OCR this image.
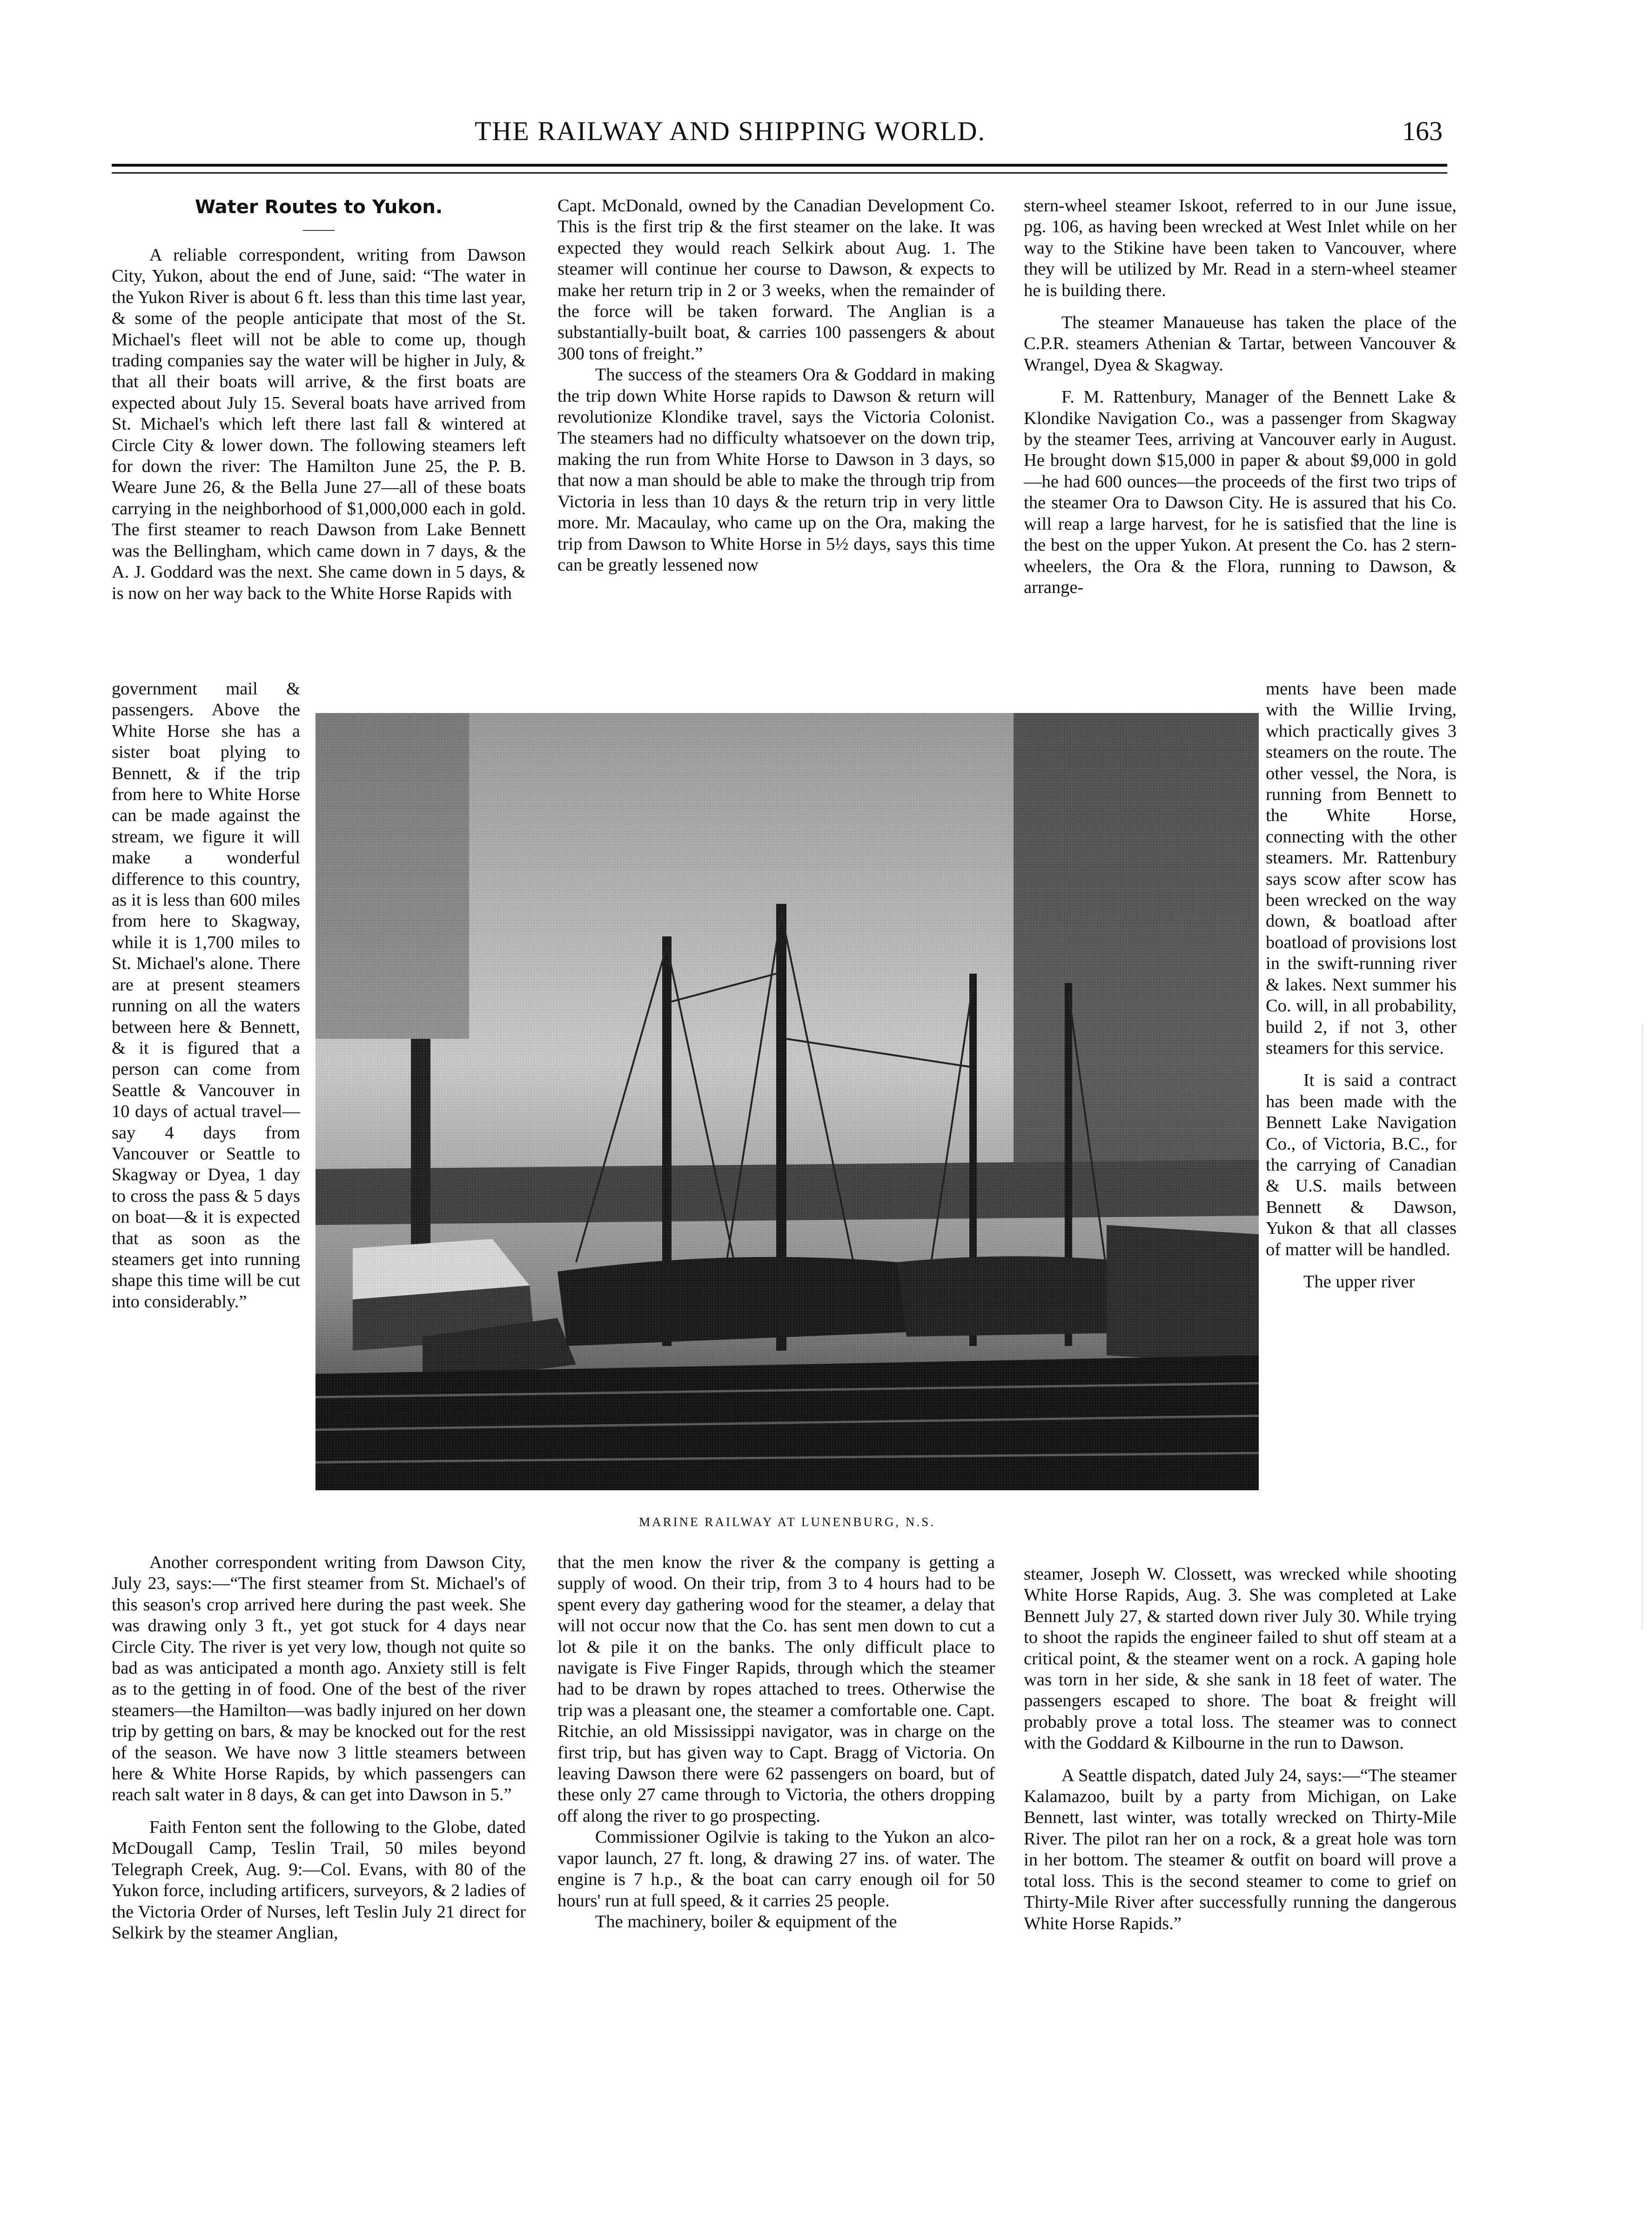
THE RAILWAY AND SHIPPING WORLD.	163
Water Routes to Yukon.
——

A reliable correspondent, writing from Dawson City, Yukon, about the end of June, said: “The water in the Yukon River is about 6 ft. less than this time last year, & some of the people anticipate that most of the St. Michael's fleet will not be able to come up, though trading companies say the water will be higher in July, & that all their boats will arrive, & the first boats are expected about July 15. Several boats have arrived from St. Michael's which left there last fall & wintered at Circle City & lower down. The following steamers left for down the river: The Hamilton June 25, the P. B. Weare June 26, & the Bella June 27—all of these boats carrying in the neighborhood of $1,000,000 each in gold. The first steamer to reach Dawson from Lake Bennett was the Bellingham, which came down in 7 days, & the A. J. Goddard was the next. She came down in 5 days, & is now on her way back to the White Horse Rapids with

government mail & passengers. Above the White Horse she has a sister boat plying to Bennett, & if the trip from here to White Horse can be made against the stream, we figure it will make a wonderful difference to this country, as it is less than 600 miles from here to Skagway, while it is 1,700 miles to St. Michael's alone. There are at present steamers running on all the waters between here & Bennett, & it is figured that a person can come from Seattle & Vancouver in 10 days of actual travel—say 4 days from Vancouver or Seattle to Skagway or Dyea, 1 day to cross the pass & 5 days on boat—& it is expected that as soon as the steamers get into running shape this time will be cut into considerably.”

Another correspondent writing from Dawson City, July 23, says:—“The first steamer from St. Michael's of this season's crop arrived here during the past week. She was drawing only 3 ft., yet got stuck for 4 days near Circle City. The river is yet very low, though not quite so bad as was anticipated a month ago. Anxiety still is felt as to the getting in of food. One of the best of the river steamers—the Hamilton—was badly injured on her down trip by getting on bars, & may be knocked out for the rest of the season. We have now 3 little steamers between here & White Horse Rapids, by which passengers can reach salt water in 8 days, & can get into Dawson in 5.”

Faith Fenton sent the following to the Globe, dated McDougall Camp, Teslin Trail, 50 miles beyond Telegraph Creek, Aug. 9:—Col. Evans, with 80 of the Yukon force, including artificers, surveyors, & 2 ladies of the Victoria Order of Nurses, left Teslin July 21 direct for Selkirk by the steamer Anglian,

Capt. McDonald, owned by the Canadian Development Co. This is the first trip & the first steamer on the lake. It was expected they would reach Selkirk about Aug. 1. The steamer will continue her course to Dawson, & expects to make her return trip in 2 or 3 weeks, when the remainder of the force will be taken forward. The Anglian is a substantially-built boat, & carries 100 passengers & about 300 tons of freight.”

The success of the steamers Ora & Goddard in making the trip down White Horse rapids to Dawson & return will revolutionize Klondike travel, says the Victoria Colonist. The steamers had no difficulty whatsoever on the down trip, making the run from White Horse to Dawson in 3 days, so that now a man should be able to make the through trip from Victoria in less than 10 days & the return trip in very little more. Mr. Macaulay, who came up on the Ora, making the trip from Dawson to White Horse in 5½ days, says this time can be greatly lessened now

that the men know the river & the company is getting a supply of wood. On their trip, from 3 to 4 hours had to be spent every day gathering wood for the steamer, a delay that will not occur now that the Co. has sent men down to cut a lot & pile it on the banks. The only difficult place to navigate is Five Finger Rapids, through which the steamer had to be drawn by ropes attached to trees. Otherwise the trip was a pleasant one, the steamer a comfortable one. Capt. Ritchie, an old Mississippi navigator, was in charge on the first trip, but has given way to Capt. Bragg of Victoria. On leaving Dawson there were 62 passengers on board, but of these only 27 came through to Victoria, the others dropping off along the river to go prospecting.

Commissioner Ogilvie is taking to the Yukon an alco-vapor launch, 27 ft. long, & drawing 27 ins. of water. The engine is 7 h.p., & the boat can carry enough oil for 50 hours' run at full speed, & it carries 25 people.

The machinery, boiler & equipment of the

stern-wheel steamer Iskoot, referred to in our June issue, pg. 106, as having been wrecked at West Inlet while on her way to the Stikine have been taken to Vancouver, where they will be utilized by Mr. Read in a stern-wheel steamer he is building there.

The steamer Manaueuse has taken the place of the C.P.R. steamers Athenian & Tartar, between Vancouver & Wrangel, Dyea & Skagway.

F. M. Rattenbury, Manager of the Bennett Lake & Klondike Navigation Co., was a passenger from Skagway by the steamer Tees, arriving at Vancouver early in August. He brought down $15,000 in paper & about $9,000 in gold—he had 600 ounces—the proceeds of the first two trips of the steamer Ora to Dawson City. He is assured that his Co. will reap a large harvest, for he is satisfied that the line is the best on the upper Yukon. At present the Co. has 2 stern-wheelers, the Ora & the Flora, running to Dawson, & arrange-

ments have been made with the Willie Irving, which practically gives 3 steamers on the route. The other vessel, the Nora, is running from Bennett to the White Horse, connecting with the other steamers. Mr. Rattenbury says scow after scow has been wrecked on the way down, & boatload after boatload of provisions lost in the swift-running river & lakes. Next summer his Co. will, in all probability, build 2, if not 3, other steamers for this service.

It is said a contract has been made with the Bennett Lake Navigation Co., of Victoria, B.C., for the carrying of Canadian & U.S. mails between Bennett & Dawson, Yukon & that all classes of matter will be handled.

The upper river

steamer, Joseph W. Clossett, was wrecked while shooting White Horse Rapids, Aug. 3. She was completed at Lake Bennett July 27, & started down river July 30. While trying to shoot the rapids the engineer failed to shut off steam at a critical point, & the steamer went on a rock. A gaping hole was torn in her side, & she sank in 18 feet of water. The passengers escaped to shore. The boat & freight will probably prove a total loss. The steamer was to connect with the Goddard & Kilbourne in the run to Dawson.

A Seattle dispatch, dated July 24, says:—“The steamer Kalamazoo, built by a party from Michigan, on Lake Bennett, last winter, was totally wrecked on Thirty-Mile River. The pilot ran her on a rock, & a great hole was torn in her bottom. The steamer & outfit on board will prove a total loss. This is the second steamer to come to grief on Thirty-Mile River after successfully running the dangerous White Horse Rapids.”

MARINE RAILWAY AT LUNENBURG, N.S.
